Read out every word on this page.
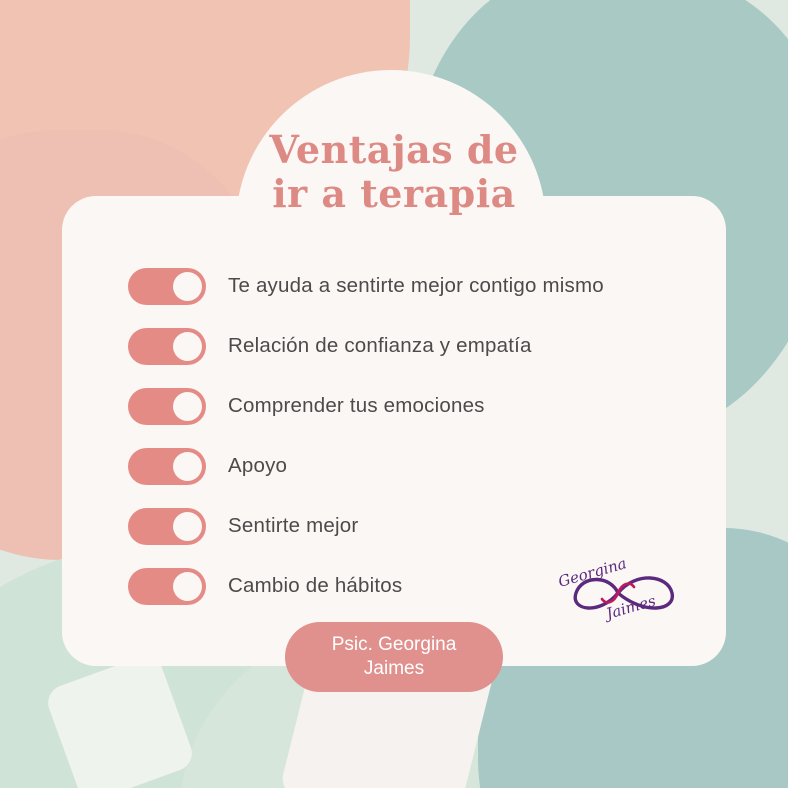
Ventajas de
ir a terapia
Te ayuda a sentirte mejor contigo mismo
Relación de confianza y empatía
Comprender tus emociones
Apoyo
Sentirte mejor
Cambio de hábitos	Georgina
Jaimes
Psic. Georgina
Jaimes
